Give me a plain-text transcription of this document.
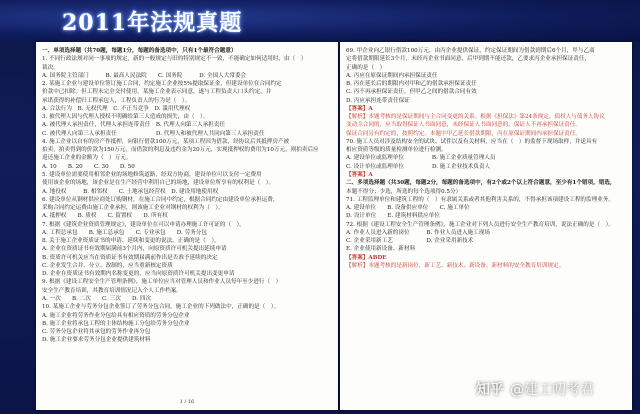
2011年法规真题
一、单项选择题（共70题，每题1分，每题的备选项中，只有1个最符合题意）
1. 不同行政法规对同一事项的规定，新的一般规定与旧的特别规定不一致，不能确定如何适用时，由（　）
裁决。
A. 国务院主管部门　　　B. 最高人民法院　　C. 国务院　　　D. 全国人大常委会
2. 某施工企业与建设单位签订施工合同，约定施工企业按5%提取保证金，但建设单位在合同约定
价款中已扣除。但工程未完全交付使用，某施工企业表示同意，遂与工程负责人口头约定，并
承诺获得的补偿归工程承包人，工程负责人的行为是（　）。
A. 合法行为　B. 无权代理　C. 不正当竞争　D. 滥用代理权
3. 被代理人因与代理人授权不明确给第三人造成的损失，由（　）。
A. 被代理人承担责任，代理人承担连带责任　B. 代理人向第三人承担责任
C. 被代理人向第三人承担责任　　　　　　　D. 代理人和被代理人共同向第三人承担责任
4. 施工企业以自有的房产作抵押，向银行借款100万元，某项工程因为借款，经协议后其抵押房产被
拍卖，拍卖得到的价款为150万元，而借款的利息及违约金为20万元，实现抵押权的费用为10万元，则拍卖后应
返还施工企业的金额为（　）万元。
A. 10　　B. 20　　C. 30　　D. 50
5. 建设单位需要使用相邻企业的场地修筑道路，经双方协商，建设单位可以支付一定费用
使用该企业的场地，该企业是在生产经营中利用自己的场地，建设单位所享有的权利是（　）。
A. 地役权　　　B. 相邻权　　C. 土地承包经营权　D. 建设用地使用权
6. 建设单位从钢材供应商处订购钢材，在施工合同中约定，根据合同约定由建设单位承担运费，
采购合同约定运费由施工企业承担，则该施工企业对钢材的权利为（　）。
A. 抵押权　　B. 质权　　C. 留置权　　D. 所有权
7. 根据《建筑企业资质管理规定》，建设单位在可以申请办理施工许可证的（　）。
A. 工程总承包　　B. 施工总承包　　C. 专业承包　　D. 劳务分包
8. 关于施工企业资质证书的申请、延续和变更的说法，正确的是（　）。
A. 企业在资质证书有效期届满前3个月内，向原资质许可机关提出延续申请
B. 资质许可机关应当在资质证书有效期届满前作出是否准予延续的决定
C. 企业发生合并、分立、改制的，应当重新核定资质
D. 企业在资质证书有效期内名称变更的，应当向原资质许可机关提出变更申请
9. 根据《建设工程安全生产管理条例》，施工单位应当对管理人员和作业人员每年至少进行（　）
安全生产教育培训，其教育培训情况记入个人工作档案。
A. 一次　　B. 二次　　C. 三次　　D. 四次
10. 某施工企业与劳务分包企业签订了劳务分包合同，施工企业的下列做法中，正确的是（　）。
A. 施工企业将劳务作业分包给具有相应资质的劳务分包企业
B. 施工企业将承包工程的主体结构施工分包给劳务分包企业
C. 劳务分包企业将其承包的劳务作业再分包
D. 施工企业要求劳务分包企业提供建筑材料
1 / 16
69. 甲企业向乙银行借款100万元，由丙企业提供保证，约定保证期间为借款到期后6个月，甲与乙商
定将借款期限延长3个月，未经丙企业书面同意，后甲到期不能还款，乙要求丙企业承担保证责任，
正确的是（　）
A. 丙应在原保证期间内承担保证责任
B. 丙在延长后的期限内对甲和乙的借款承担保证责任
C. 丙不再承担保证责任，但甲乙之间的借款合同有效
D. 丙应承担连带责任保证
【答案】A
【解析】本题考核的是保证期间与主合同变更的关系。根据《担保法》第24条规定，债权人与债务人协议
变动主合同的，应当取得保证人书面同意，未经保证人书面同意的，保证人不再承担保证责任。
保证合同另有约定的，按照约定。本题中甲乙延长借款期限，丙在原保证期间内承担保证责任。
70. 施工人员对涉及结构安全的试块、试件以及有关材料，应当在（　）的监督下现场取样，并送具有
相应资质等级的质量检测单位进行检测。
A. 建设单位或监理单位　　　　　B. 施工企业质量管理人员
C. 设计单位或监理单位　　　　　D. 施工企业技术负责人
【答案】A
二、多项选择题（共30题，每题2分，每题的备选项中，有2个或2个以上符合题意，至少有1个错项，错选，
本题不得分；少选，所选的每个选项得0.5分）
71. 工程监理单位和建筑工程的（　）有隶属关系或者其他利害关系的，不得承担该项建设工程的监理业务。
A. 建设单位　　B. 设备供应单位　　C. 施工单位
D. 设计单位　　E. 建筑材料供应单位
72. 根据《建设工程安全生产管理条例》，施工企业对下列人员进行安全生产教育培训，说法正确的是（　）。
A. 作业人员进入新的岗位　　　B. 作业人员进入施工现场
C. 企业采用新工艺　　　　　　D. 企业采用新技术
E. 企业使用新设备、新材料
【答案】ABDE
【解析】本题考核的是新岗位、新工艺、新技术、新设备、新材料的安全教育培训规定。
知乎 @建工叨考君
